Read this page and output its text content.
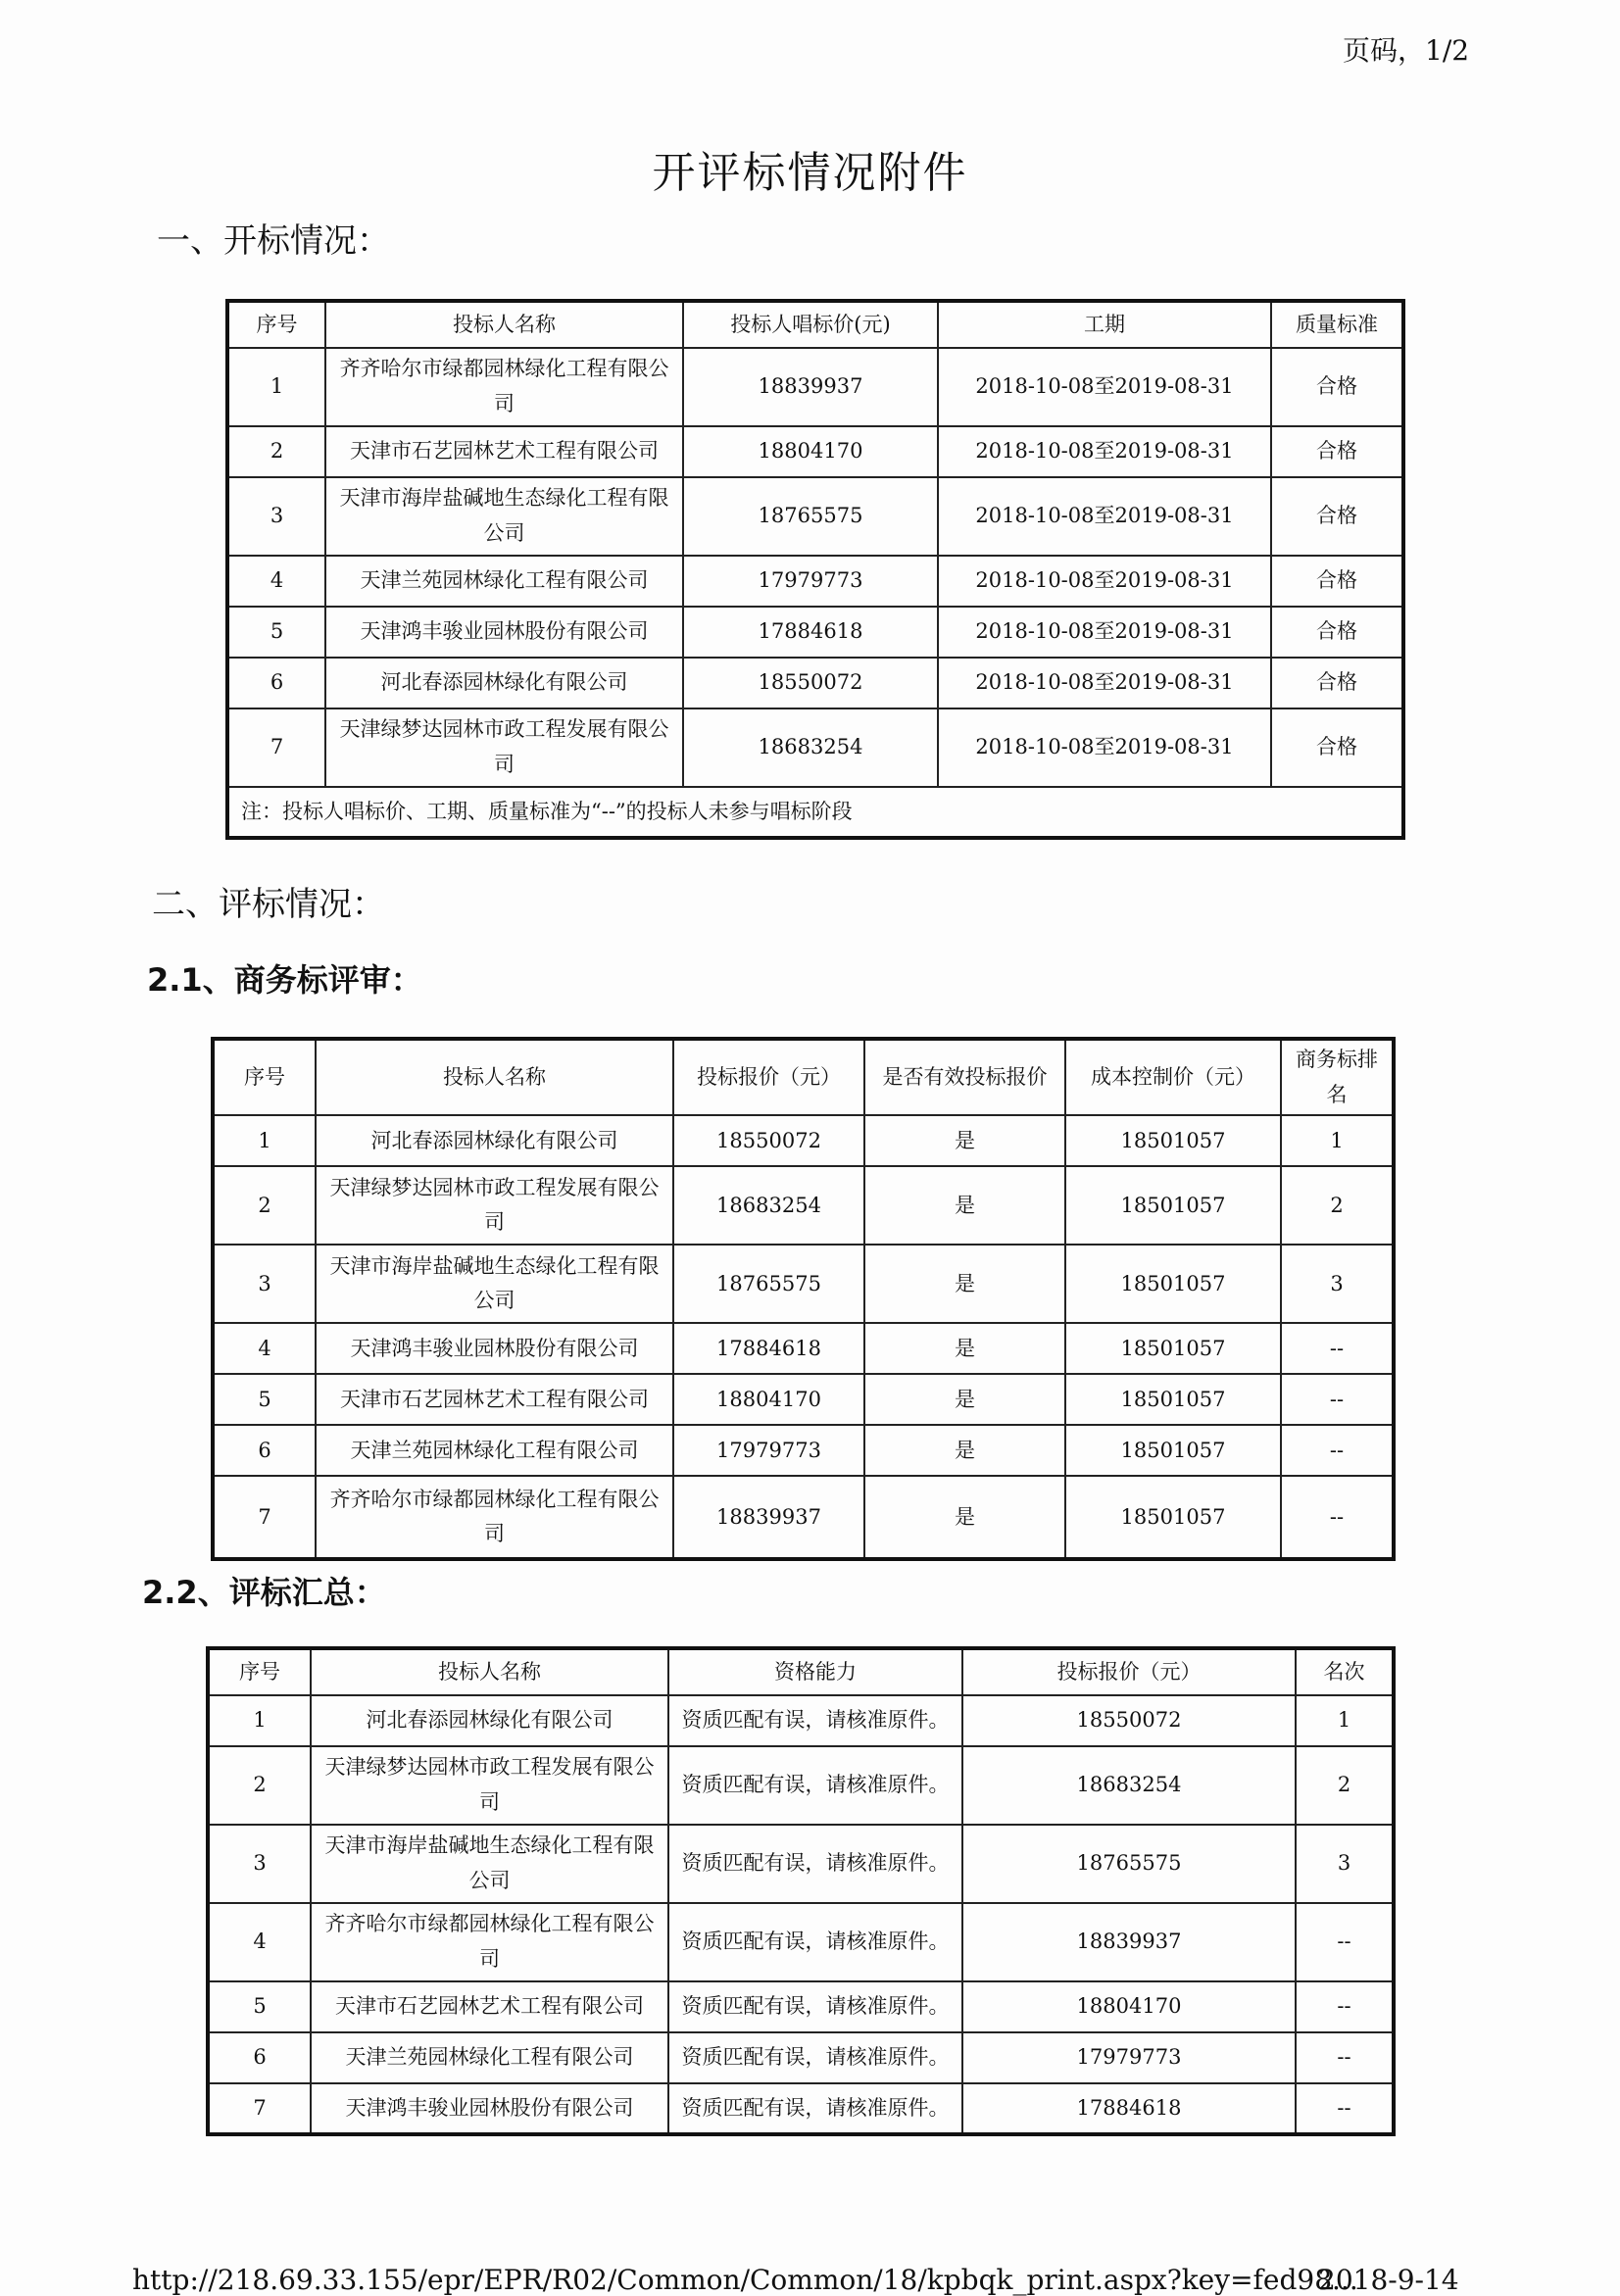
页码，1/2
开评标情况附件
一、开标情况：
序号	投标人名称	投标人唱标价(元)	工期	质量标准
1	齐齐哈尔市绿都园林绿化工程有限公司	18839937	2018-10-08至2019-08-31	合格
2	天津市石艺园林艺术工程有限公司	18804170	2018-10-08至2019-08-31	合格
3	天津市海岸盐碱地生态绿化工程有限公司	18765575	2018-10-08至2019-08-31	合格
4	天津兰苑园林绿化工程有限公司	17979773	2018-10-08至2019-08-31	合格
5	天津鸿丰骏业园林股份有限公司	17884618	2018-10-08至2019-08-31	合格
6	河北春添园林绿化有限公司	18550072	2018-10-08至2019-08-31	合格
7	天津绿梦达园林市政工程发展有限公司	18683254	2018-10-08至2019-08-31	合格
注：投标人唱标价、工期、质量标准为“--”的投标人未参与唱标阶段				
二、评标情况：
2.1、商务标评审：
序号	投标人名称	投标报价（元）	是否有效投标报价	成本控制价（元）	商务标排名
1	河北春添园林绿化有限公司	18550072	是	18501057	1
2	天津绿梦达园林市政工程发展有限公司	18683254	是	18501057	2
3	天津市海岸盐碱地生态绿化工程有限公司	18765575	是	18501057	3
4	天津鸿丰骏业园林股份有限公司	17884618	是	18501057	--
5	天津市石艺园林艺术工程有限公司	18804170	是	18501057	--
6	天津兰苑园林绿化工程有限公司	17979773	是	18501057	--
7	齐齐哈尔市绿都园林绿化工程有限公司	18839937	是	18501057	--
2.2、评标汇总：
序号	投标人名称	资格能力	投标报价（元）	名次
1	河北春添园林绿化有限公司	资质匹配有误，请核准原件。	18550072	1
2	天津绿梦达园林市政工程发展有限公司	资质匹配有误，请核准原件。	18683254	2
3	天津市海岸盐碱地生态绿化工程有限公司	资质匹配有误，请核准原件。	18765575	3
4	齐齐哈尔市绿都园林绿化工程有限公司	资质匹配有误，请核准原件。	18839937	--
5	天津市石艺园林艺术工程有限公司	资质匹配有误，请核准原件。	18804170	--
6	天津兰苑园林绿化工程有限公司	资质匹配有误，请核准原件。	17979773	--
7	天津鸿丰骏业园林股份有限公司	资质匹配有误，请核准原件。	17884618	--
http://218.69.33.155/epr/EPR/R02/Common/Common/18/kpbqk_print.aspx?key=fed98...
2018-9-14
